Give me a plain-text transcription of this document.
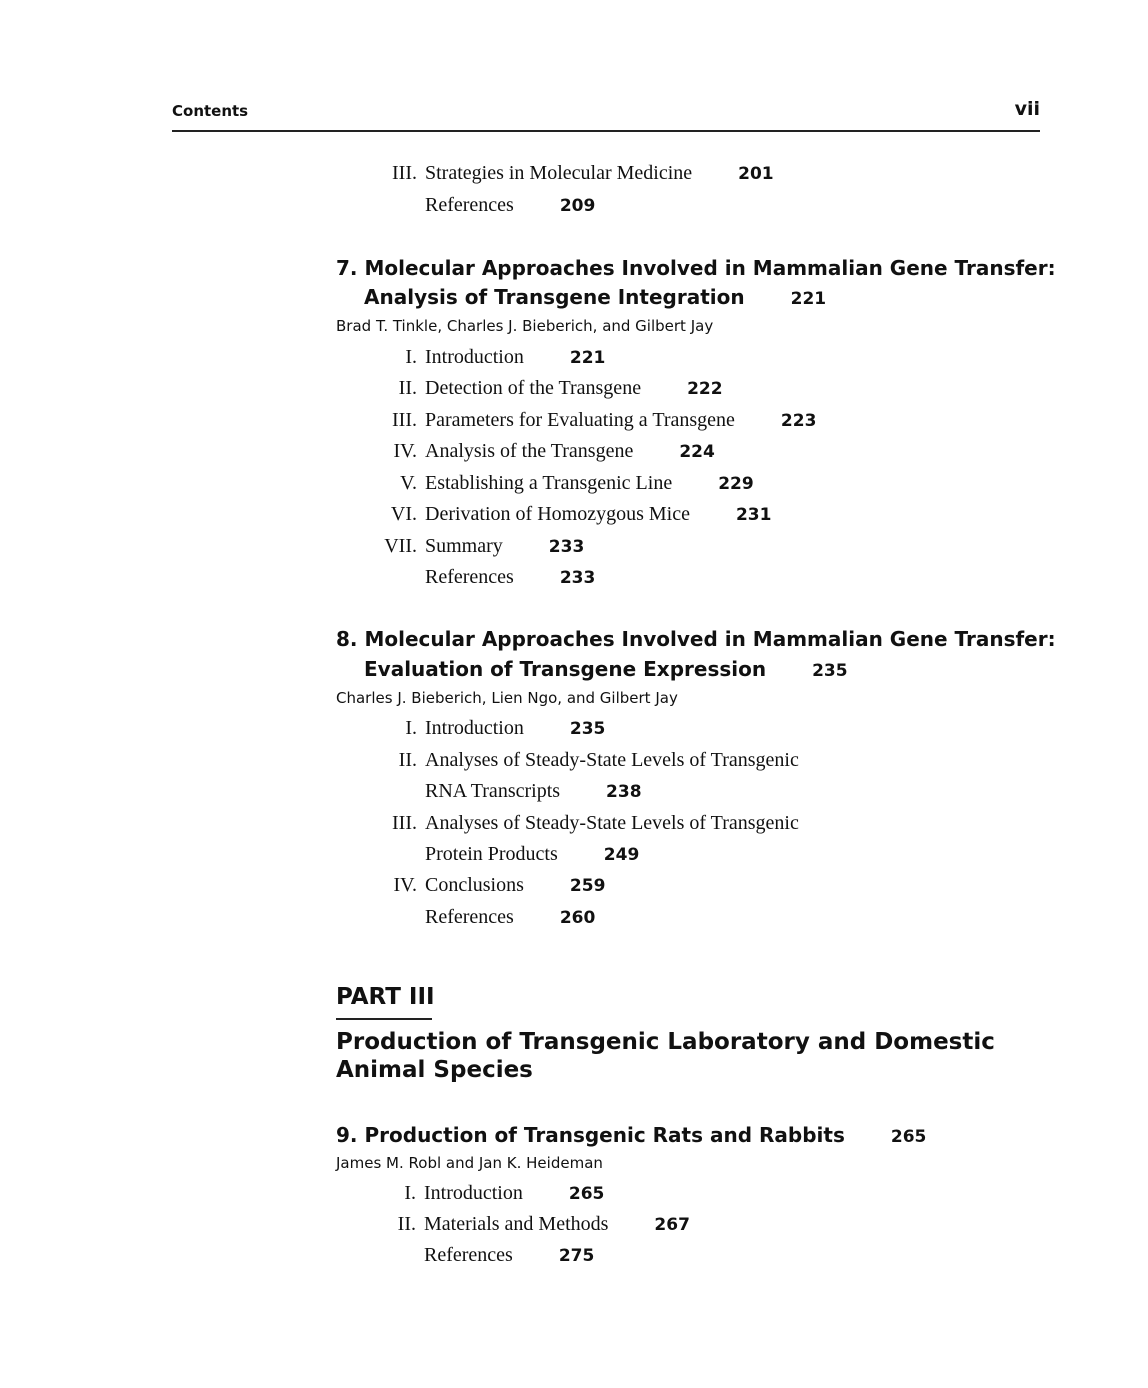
Contents	vii
III. Strategies in Molecular Medicine	201
References	209
7. Molecular Approaches Involved in Mammalian Gene Transfer:
Analysis of Transgene Integration	221
Brad T. Tinkle, Charles J. Bieberich, and Gilbert Jay
I. Introduction	221
II. Detection of the Transgene	222
III. Parameters for Evaluating a Transgene	223
IV. Analysis of the Transgene	224
V. Establishing a Transgenic Line	229
VI. Derivation of Homozygous Mice	231
VII. Summary	233
References	233
8. Molecular Approaches Involved in Mammalian Gene Transfer:
Evaluation of Transgene Expression	235
Charles J. Bieberich, Lien Ngo, and Gilbert Jay
I. Introduction	235
II. Analyses of Steady-State Levels of Transgenic
RNA Transcripts	238
III. Analyses of Steady-State Levels of Transgenic
Protein Products	249
IV. Conclusions	259
References	260
PART III
Production of Transgenic Laboratory and Domestic Animal Species
9. Production of Transgenic Rats and Rabbits	265
James M. Robl and Jan K. Heideman
I. Introduction	265
II. Materials and Methods	267
References	275
